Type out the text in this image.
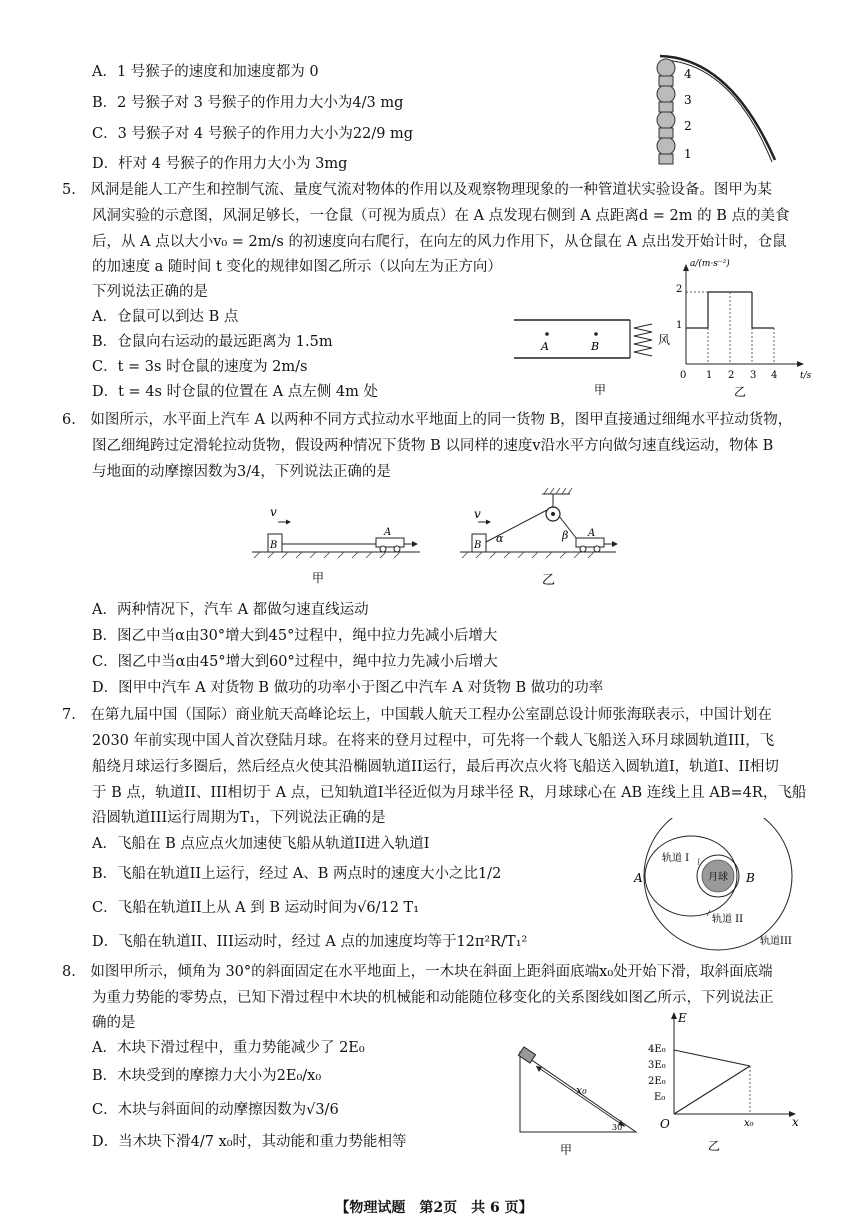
A．1 号猴子的速度和加速度都为 0
B．2 号猴子对 3 号猴子的作用力大小为4/3 mg
C．3 号猴子对 4 号猴子的作用力大小为22/9 mg
D．杆对 4 号猴子的作用力大小为 3mg
4
3
2
1
5.　风洞是能人工产生和控制气流、量度气流对物体的作用以及观察物理现象的一种管道状实验设备。图甲为某
风洞实验的示意图，风洞足够长，一仓鼠（可视为质点）在 A 点发现右侧到 A 点距离d = 2m 的 B 点的美食
后，从 A 点以大小v₀ = 2m/s 的初速度向右爬行，在向左的风力作用下，从仓鼠在 A 点出发开始计时，仓鼠
的加速度 a 随时间 t 变化的规律如图乙所示（以向左为正方向）
下列说法正确的是
A．仓鼠可以到达 B 点
B．仓鼠向右运动的最远距离为 1.5m
C．t = 3s 时仓鼠的速度为 2m/s
D．t = 4s 时仓鼠的位置在 A 点左侧 4m 处
A	B	风
甲
a/(m·s⁻²)
t/s
2
1
0 1 2 3 4
乙
6.　如图所示，水平面上汽车 A 以两种不同方式拉动水平地面上的同一货物 B，图甲直接通过细绳水平拉动货物，
图乙细绳跨过定滑轮拉动货物，假设两种情况下货物 B 以同样的速度v沿水平方向做匀速直线运动，物体 B
与地面的动摩擦因数为3/4，下列说法正确的是
v
B
A
甲
v
B
α	β A
乙
A．两种情况下，汽车 A 都做匀速直线运动
B．图乙中当α由30°增大到45°过程中，绳中拉力先减小后增大
C．图乙中当α由45°增大到60°过程中，绳中拉力先减小后增大
D．图甲中汽车 A 对货物 B 做功的功率小于图乙中汽车 A 对货物 B 做功的功率
7.　在第九届中国（国际）商业航天高峰论坛上，中国载人航天工程办公室副总设计师张海联表示，中国计划在
2030 年前实现中国人首次登陆月球。在将来的登月过程中，可先将一个载人飞船送入环月球圆轨道III，飞
船绕月球运行多圈后，然后经点火使其沿椭圆轨道II运行，最后再次点火将飞船送入圆轨道I，轨道I、II相切
于 B 点，轨道II、III相切于 A 点，已知轨道I半径近似为月球半径 R，月球球心在 AB 连线上且 AB=4R，飞船
沿圆轨道III运行周期为T₁，下列说法正确的是
A．飞船在 B 点应点火加速使飞船从轨道II进入轨道I
B．飞船在轨道II上运行，经过 A、B 两点时的速度大小之比1/2
C．飞船在轨道II上从 A 到 B 运动时间为√6/12 T₁
D．飞船在轨道II、III运动时，经过 A 点的加速度均等于12π²R/T₁²
A	B
月球
轨道 I
轨道 II
轨道III
8.　如图甲所示，倾角为 30°的斜面固定在水平地面上，一木块在斜面上距斜面底端x₀处开始下滑，取斜面底端
为重力势能的零势点，已知下滑过程中木块的机械能和动能随位移变化的关系图线如图乙所示，下列说法正
确的是
A．木块下滑过程中，重力势能减少了 2E₀
B．木块受到的摩擦力大小为2E₀/x₀
C．木块与斜面间的动摩擦因数为√3/6
D．当木块下滑4/7 x₀时，其动能和重力势能相等
x₀
30°
甲
E
x
O
4E₀
3E₀
2E₀
E₀
x₀
乙
【物理试题　第2页　共 6 页】
